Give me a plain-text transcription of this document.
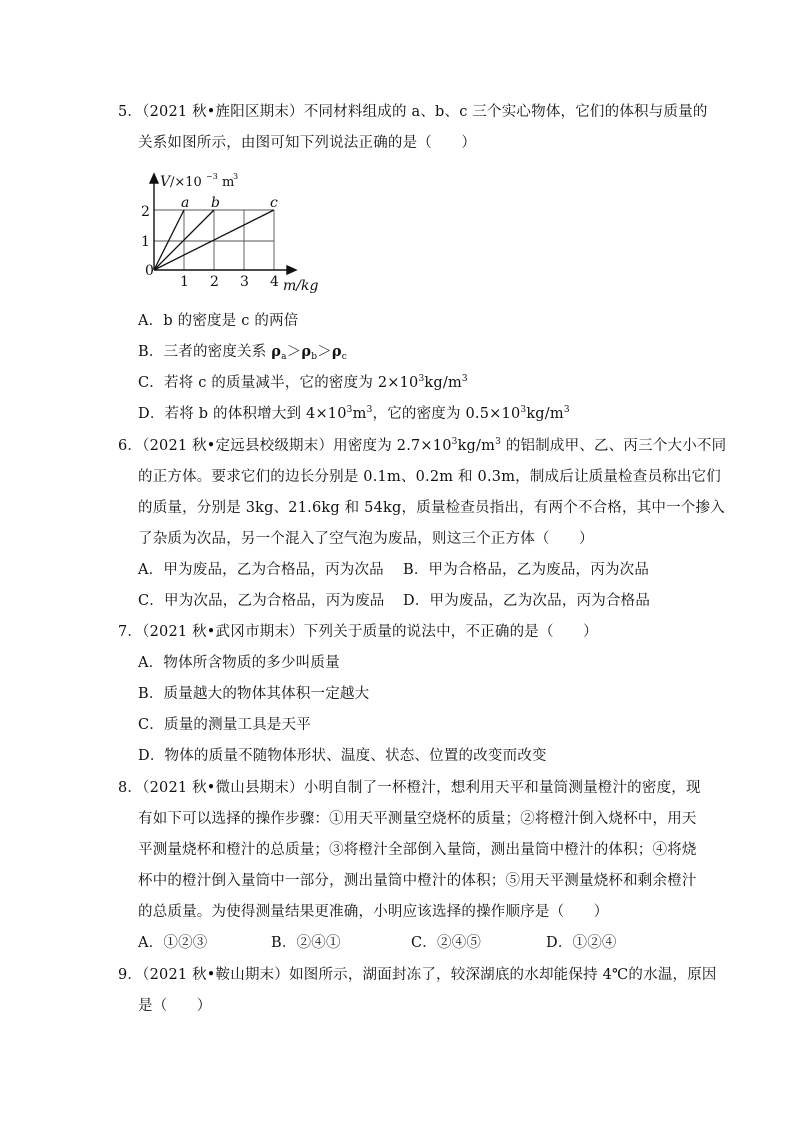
5．（2021 秋•旌阳区期末）不同材料组成的 a、b、c 三个实心物体，它们的体积与质量的
关系如图所示，由图可知下列说法正确的是（　　）
V /×10 −3 m
3
2
1
0
1 2 3 4 m/kg
a b	c
A．b 的密度是 c 的两倍
B．三者的密度关系 $\rho_a>\rho_b>\rho_c$
C．若将 c 的质量减半，它的密度为 $2\times 10^3kg/m^3$
D．若将 b 的体积增大到 $4\times 10^3m^3$，它的密度为 $0.5\times 10^3kg/m^3$
6．（2021 秋•定远县校级期末）用密度为 $2.7\times 10^3kg/m^3$ 的铝制成甲、乙、丙三个大小不同
的正方体。要求它们的边长分别是 0.1m、0.2m 和 0.3m，制成后让质量检查员称出它们
的质量，分别是 3kg、21.6kg 和 54kg，质量检查员指出，有两个不合格，其中一个掺入
了杂质为次品，另一个混入了空气泡为废品，则这三个正方体（　　）
A．甲为废品，乙为合格品，丙为次品 B．甲为合格品，乙为废品，丙为次品
C．甲为次品，乙为合格品，丙为废品 D．甲为废品，乙为次品，丙为合格品
7．（2021 秋•武冈市期末）下列关于质量的说法中，不正确的是（　　）
A．物体所含物质的多少叫质量
B．质量越大的物体其体积一定越大
C．质量的测量工具是天平
D．物体的质量不随物体形状、温度、状态、位置的改变而改变
8．（2021 秋•微山县期末）小明自制了一杯橙汁，想利用天平和量筒测量橙汁的密度，现
有如下可以选择的操作步骤：①用天平测量空烧杯的质量；②将橙汁倒入烧杯中，用天
平测量烧杯和橙汁的总质量；③将橙汁全部倒入量筒，测出量筒中橙汁的体积；④将烧
杯中的橙汁倒入量筒中一部分，测出量筒中橙汁的体积；⑤用天平测量烧杯和剩余橙汁
的总质量。为使得测量结果更准确，小明应该选择的操作顺序是（　　）
A．①②③	B．②④①	C．②④⑤	D．①②④
9．（2021 秋•鞍山期末）如图所示，湖面封冻了，较深湖底的水却能保持 4℃的水温，原因
是（　　）
